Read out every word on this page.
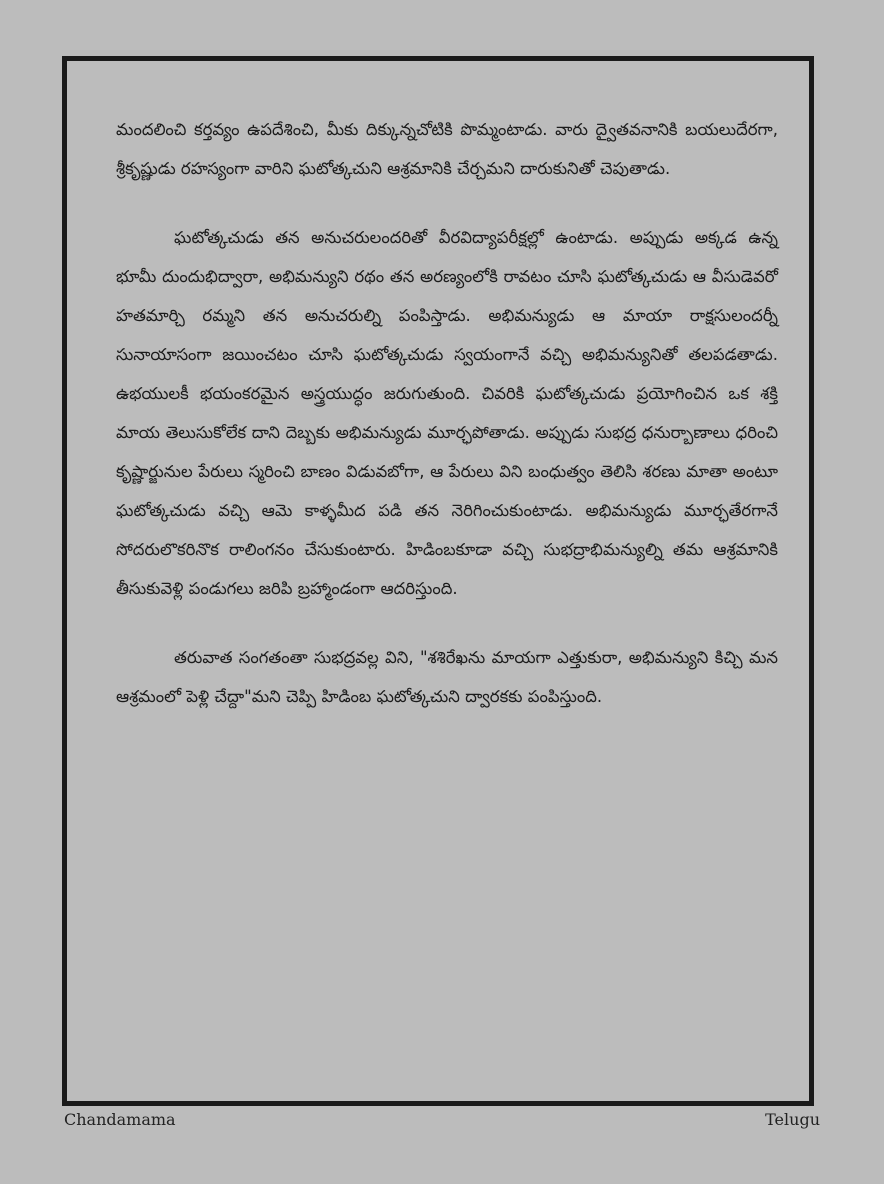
మందలించి కర్తవ్యం ఉపదేశించి, మీకు దిక్కున్నచోటికి పొమ్మంటాడు. వారు ద్వైతవనానికి బయలుదేరగా, శ్రీకృష్ణుడు రహస్యంగా వారిని ఘటోత్కచుని ఆశ్రమానికి చేర్చమని దారుకునితో చెపుతాడు.

ఘటోత్కచుడు తన అనుచరులందరితో వీరవిద్యాపరీక్షల్లో ఉంటాడు. అప్పుడు అక్కడ ఉన్న భూమీ దుందుభిద్వారా, అభిమన్యుని రథం తన అరణ్యంలోకి రావటం చూసి ఘటోత్కచుడు ఆ వీసుడెవరో హతమార్చి రమ్మని తన అనుచరుల్ని పంపిస్తాడు. అభిమన్యుడు ఆ మాయా రాక్షసులందర్నీ సునాయాసంగా జయించటం చూసి ఘటోత్కచుడు స్వయంగానే వచ్చి అభిమన్యునితో తలపడతాడు. ఉభయులకీ భయంకరమైన అస్త్రయుద్ధం జరుగుతుంది. చివరికి ఘటోత్కచుడు ప్రయోగించిన ఒక శక్తి మాయ తెలుసుకోలేక దాని దెబ్బకు అభిమన్యుడు మూర్ఛపోతాడు. అప్పుడు సుభద్ర ధనుర్బాణాలు ధరించి కృష్ణార్జునుల పేరులు స్మరించి బాణం విడువబోగా, ఆ పేరులు విని బంధుత్వం తెలిసి శరణు మాతా అంటూ ఘటోత్కచుడు వచ్చి ఆమె కాళ్ళమీద పడి తన నెరిగించుకుంటాడు. అభిమన్యుడు మూర్ఛతేరగానే సోదరులొకరినొక రాలింగనం చేసుకుంటారు. హిడింబకూడా వచ్చి సుభద్రాభిమన్యుల్ని తమ ఆశ్రమానికి తీసుకువెళ్లి పండుగలు జరిపి బ్రహ్మాండంగా ఆదరిస్తుంది.

తరువాత సంగతంతా సుభద్రవల్ల విని, "శశిరేఖను మాయగా ఎత్తుకురా, అభిమన్యుని కిచ్చి మన ఆశ్రమంలో పెళ్లి చేద్దా"మని చెప్పి హిడింబ ఘటోత్కచుని ద్వారకకు పంపిస్తుంది.

Chandamama	Telugu
